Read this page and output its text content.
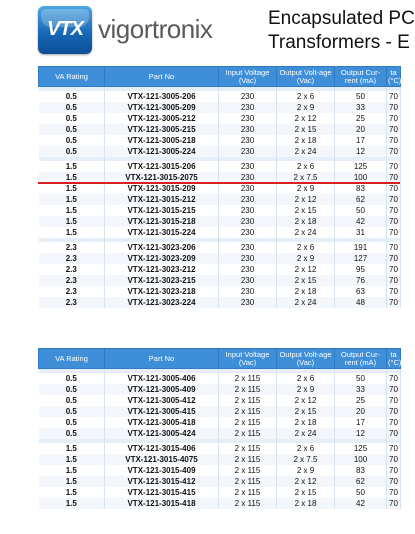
VTX vigortronix	Encapsulated PC
Transformers - E
VA Rating	Part No	Input Voltage (Vac)	Output Volt-age (Vac)	Output Cur-rent (mA)	ta (°C)

0.5	VTX-121-3005-206	230	2 x 6	50	70
0.5	VTX-121-3005-209	230	2 x 9	33	70
0.5	VTX-121-3005-212	230	2 x 12	25	70
0.5	VTX-121-3005-215	230	2 x 15	20	70
0.5	VTX-121-3005-218	230	2 x 18	17	70
0.5	VTX-121-3005-224	230	2 x 24	12	70

1.5	VTX-121-3015-206	230	2 x 6	125	70
1.5	VTX-121-3015-2075	230	2 x 7.5	100	70
1.5	VTX-121-3015-209	230	2 x 9	83	70
1.5	VTX-121-3015-212	230	2 x 12	62	70
1.5	VTX-121-3015-215	230	2 x 15	50	70
1.5	VTX-121-3015-218	230	2 x 18	42	70
1.5	VTX-121-3015-224	230	2 x 24	31	70

2.3	VTX-121-3023-206	230	2 x 6	191	70
2.3	VTX-121-3023-209	230	2 x 9	127	70
2.3	VTX-121-3023-212	230	2 x 12	95	70
2.3	VTX-121-3023-215	230	2 x 15	76	70
2.3	VTX-121-3023-218	230	2 x 18	63	70
2.3	VTX-121-3023-224	230	2 x 24	48	70
VA Rating	Part No	Input Voltage (Vac)	Output Volt-age (Vac)	Output Cur-rent (mA)	ta (°C)

0.5	VTX-121-3005-406	2 x 115	2 x 6	50	70
0.5	VTX-121-3005-409	2 x 115	2 x 9	33	70
0.5	VTX-121-3005-412	2 x 115	2 x 12	25	70
0.5	VTX-121-3005-415	2 x 115	2 x 15	20	70
0.5	VTX-121-3005-418	2 x 115	2 x 18	17	70
0.5	VTX-121-3005-424	2 x 115	2 x 24	12	70

1.5	VTX-121-3015-406	2 x 115	2 x 6	125	70
1.5	VTX-121-3015-4075	2 x 115	2 x 7.5	100	70
1.5	VTX-121-3015-409	2 x 115	2 x 9	83	70
1.5	VTX-121-3015-412	2 x 115	2 x 12	62	70
1.5	VTX-121-3015-415	2 x 115	2 x 15	50	70
1.5	VTX-121-3015-418	2 x 115	2 x 18	42	70
